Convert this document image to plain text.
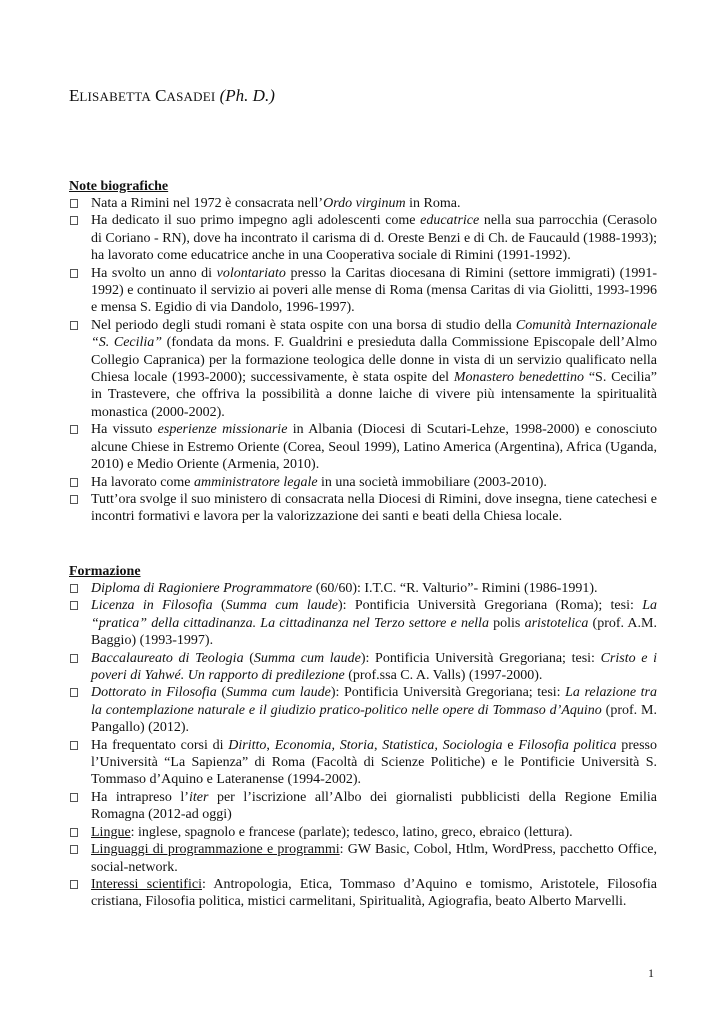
ELISABETTA CASADEI (Ph. D.)
Note biografiche
Nata a Rimini nel 1972 è consacrata nell’Ordo virginum in Roma.
Ha dedicato il suo primo impegno agli adolescenti come educatrice nella sua parrocchia (Cerasolo di Coriano - RN), dove ha incontrato il carisma di d. Oreste Benzi e di Ch. de Faucauld (1988-1993); ha lavorato come educatrice anche in una Cooperativa sociale di Rimini (1991-1992).
Ha svolto un anno di volontariato presso la Caritas diocesana di Rimini (settore immigrati) (1991-1992) e continuato il servizio ai poveri alle mense di Roma (mensa Caritas di via Giolitti, 1993-1996 e mensa S. Egidio di via Dandolo, 1996-1997).
Nel periodo degli studi romani è stata ospite con una borsa di studio della Comunità Internazionale “S. Cecilia” (fondata da mons. F. Gualdrini e presieduta dalla Commissione Episcopale dell’Almo Collegio Capranica) per la formazione teologica delle donne in vista di un servizio qualificato nella Chiesa locale (1993-2000); successivamente, è stata ospite del Monastero benedettino “S. Cecilia” in Trastevere, che offriva la possibilità a donne laiche di vivere più intensamente la spiritualità monastica (2000-2002).
Ha vissuto esperienze missionarie in Albania (Diocesi di Scutari-Lehze, 1998-2000) e conosciuto alcune Chiese in Estremo Oriente (Corea, Seoul 1999), Latino America (Argentina), Africa (Uganda, 2010) e Medio Oriente (Armenia, 2010).
Ha lavorato come amministratore legale in una società immobiliare (2003-2010).
Tutt’ora svolge il suo ministero di consacrata nella Diocesi di Rimini, dove insegna, tiene catechesi e incontri formativi e lavora per la valorizzazione dei santi e beati della Chiesa locale.
Formazione
Diploma di Ragioniere Programmatore (60/60): I.T.C. “R. Valturio”- Rimini (1986-1991).
Licenza in Filosofia (Summa cum laude): Pontificia Università Gregoriana (Roma); tesi: La “pratica” della cittadinanza. La cittadinanza nel Terzo settore e nella polis aristotelica (prof. A.M. Baggio) (1993-1997).
Baccalaureato di Teologia (Summa cum laude): Pontificia Università Gregoriana; tesi: Cristo e i poveri di Yahwé. Un rapporto di predilezione (prof.ssa C. A. Valls) (1997-2000).
Dottorato in Filosofia (Summa cum laude): Pontificia Università Gregoriana; tesi: La relazione tra la contemplazione naturale e il giudizio pratico-politico nelle opere di Tommaso d’Aquino (prof. M. Pangallo) (2012).
Ha frequentato corsi di Diritto, Economia, Storia, Statistica, Sociologia e Filosofia politica presso l’Università “La Sapienza” di Roma (Facoltà di Scienze Politiche) e le Pontificie Università S. Tommaso d’Aquino e Lateranense (1994-2002).
Ha intrapreso l’iter per l’iscrizione all’Albo dei giornalisti pubblicisti della Regione Emilia Romagna (2012-ad oggi)
Lingue: inglese, spagnolo e francese (parlate); tedesco, latino, greco, ebraico (lettura).
Linguaggi di programmazione e programmi: GW Basic, Cobol, Htlm, WordPress, pacchetto Office, social-network.
Interessi scientifici: Antropologia, Etica, Tommaso d’Aquino e tomismo, Aristotele, Filosofia cristiana, Filosofia politica, mistici carmelitani, Spiritualità, Agiografia, beato Alberto Marvelli.
1
